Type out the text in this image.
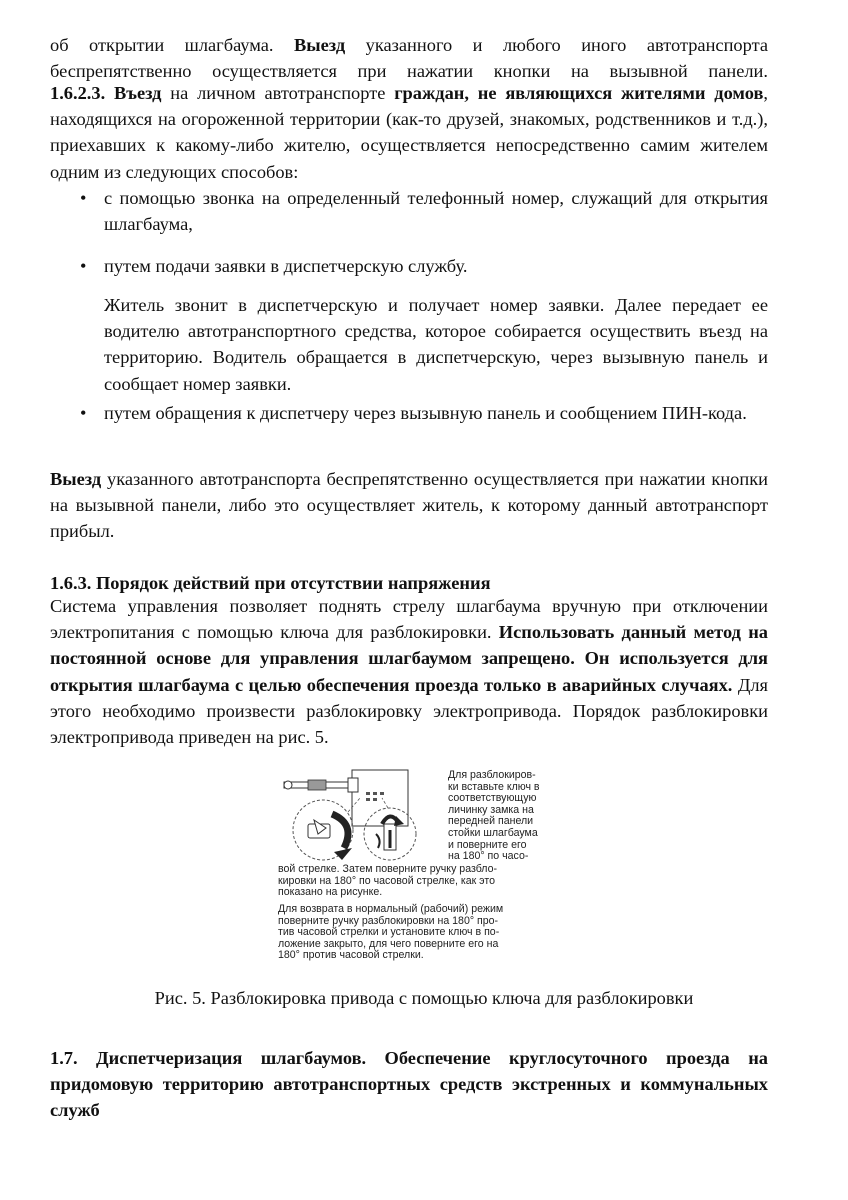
об открытии шлагбаума. Выезд указанного и любого иного автотранспорта беспрепятственно осуществляется при нажатии кнопки на вызывной панели.

1.6.2.3. Въезд на личном автотранспорте граждан, не являющихся жителями домов, находящихся на огороженной территории (как-то друзей, знакомых, родственников и т.д.), приехавших к какому-либо жителю, осуществляется непосредственно самим жителем одним из следующих способов:

• с помощью звонка на определенный телефонный номер, служащий для открытия шлагбаума,
• путем подачи заявки в диспетчерскую службу.

Житель звонит в диспетчерскую и получает номер заявки. Далее передает ее водителю автотранспортного средства, которое собирается осуществить въезд на территорию. Водитель обращается в диспетчерскую, через вызывную панель и сообщает номер заявки.

• путем обращения к диспетчеру через вызывную панель и сообщением ПИН-кода.

Выезд указанного автотранспорта беспрепятственно осуществляется при нажатии кнопки на вызывной панели, либо это осуществляет житель, к которому данный автотранспорт прибыл.

1.6.3. Порядок действий при отсутствии напряжения

Система управления позволяет поднять стрелу шлагбаума вручную при отключении электропитания с помощью ключа для разблокировки. Использовать данный метод на постоянной основе для управления шлагбаумом запрещено. Он используется для открытия шлагбаума с целью обеспечения проезда только в аварийных случаях. Для этого необходимо произвести разблокировку электропривода. Порядок разблокировки электропривода приведен на рис. 5.

Для разблокиров-
ки вставьте ключ в
соответствующую
личинку замка на
передней панели
стойки шлагбаума
и поверните его
на 180° по часо-
вой стрелке. Затем поверните ручку разбло-
кировки на 180° по часовой стрелке, как это
показано на рисунке.
Для возврата в нормальный (рабочий) режим
поверните ручку разблокировки на 180° про-
тив часовой стрелки и установите ключ в по-
ложение закрыто, для чего поверните его на
180° против часовой стрелки.
Рис. 5. Разблокировка привода с помощью ключа для разблокировки

1.7. Диспетчеризация шлагбаумов. Обеспечение круглосуточного проезда на придомовую территорию автотранспортных средств экстренных и коммунальных служб
